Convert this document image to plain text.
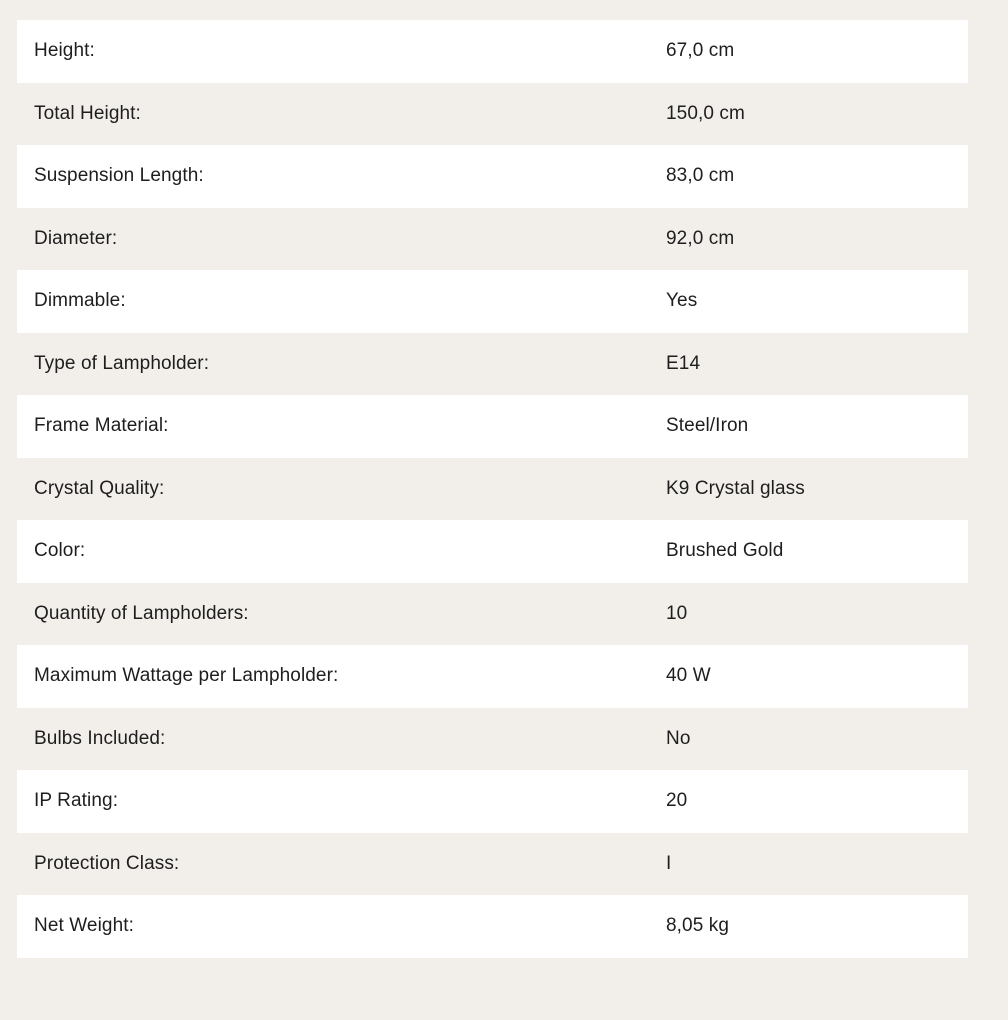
Height:	67,0 cm
Total Height:	150,0 cm
Suspension Length:	83,0 cm
Diameter:	92,0 cm
Dimmable:	Yes
Type of Lampholder:	E14
Frame Material:	Steel/Iron
Crystal Quality:	K9 Crystal glass
Color:	Brushed Gold
Quantity of Lampholders:	10
Maximum Wattage per Lampholder:	40 W
Bulbs Included:	No
IP Rating:	20
Protection Class:	I
Net Weight:	8,05 kg
